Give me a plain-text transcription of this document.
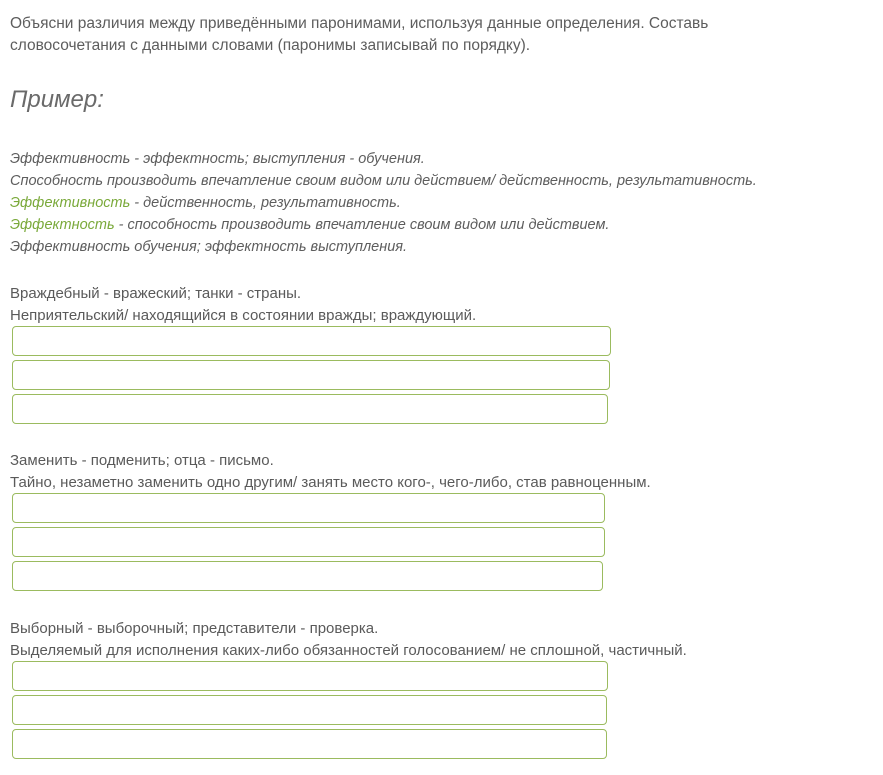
Объясни различия между приведёнными паронимами, используя данные определения. Составь
словосочетания с данными словами (паронимы записывай по порядку).
Пример:
Эффективность - эффектность; выступления - обучения.
Способность производить впечатление своим видом или действием/ действенность, результативность.
Эффективность - действенность, результативность.
Эффектность - способность производить впечатление своим видом или действием.
Эффективность обучения; эффектность выступления.
Враждебный - вражеский; танки - страны.
Неприятельский/ находящийся в состоянии вражды; враждующий.
Заменить - подменить; отца - письмо.
Тайно, незаметно заменить одно другим/ занять место кого-, чего-либо, став равноценным.
Выборный - выборочный; представители - проверка.
Выделяемый для исполнения каких-либо обязанностей голосованием/ не сплошной, частичный.
